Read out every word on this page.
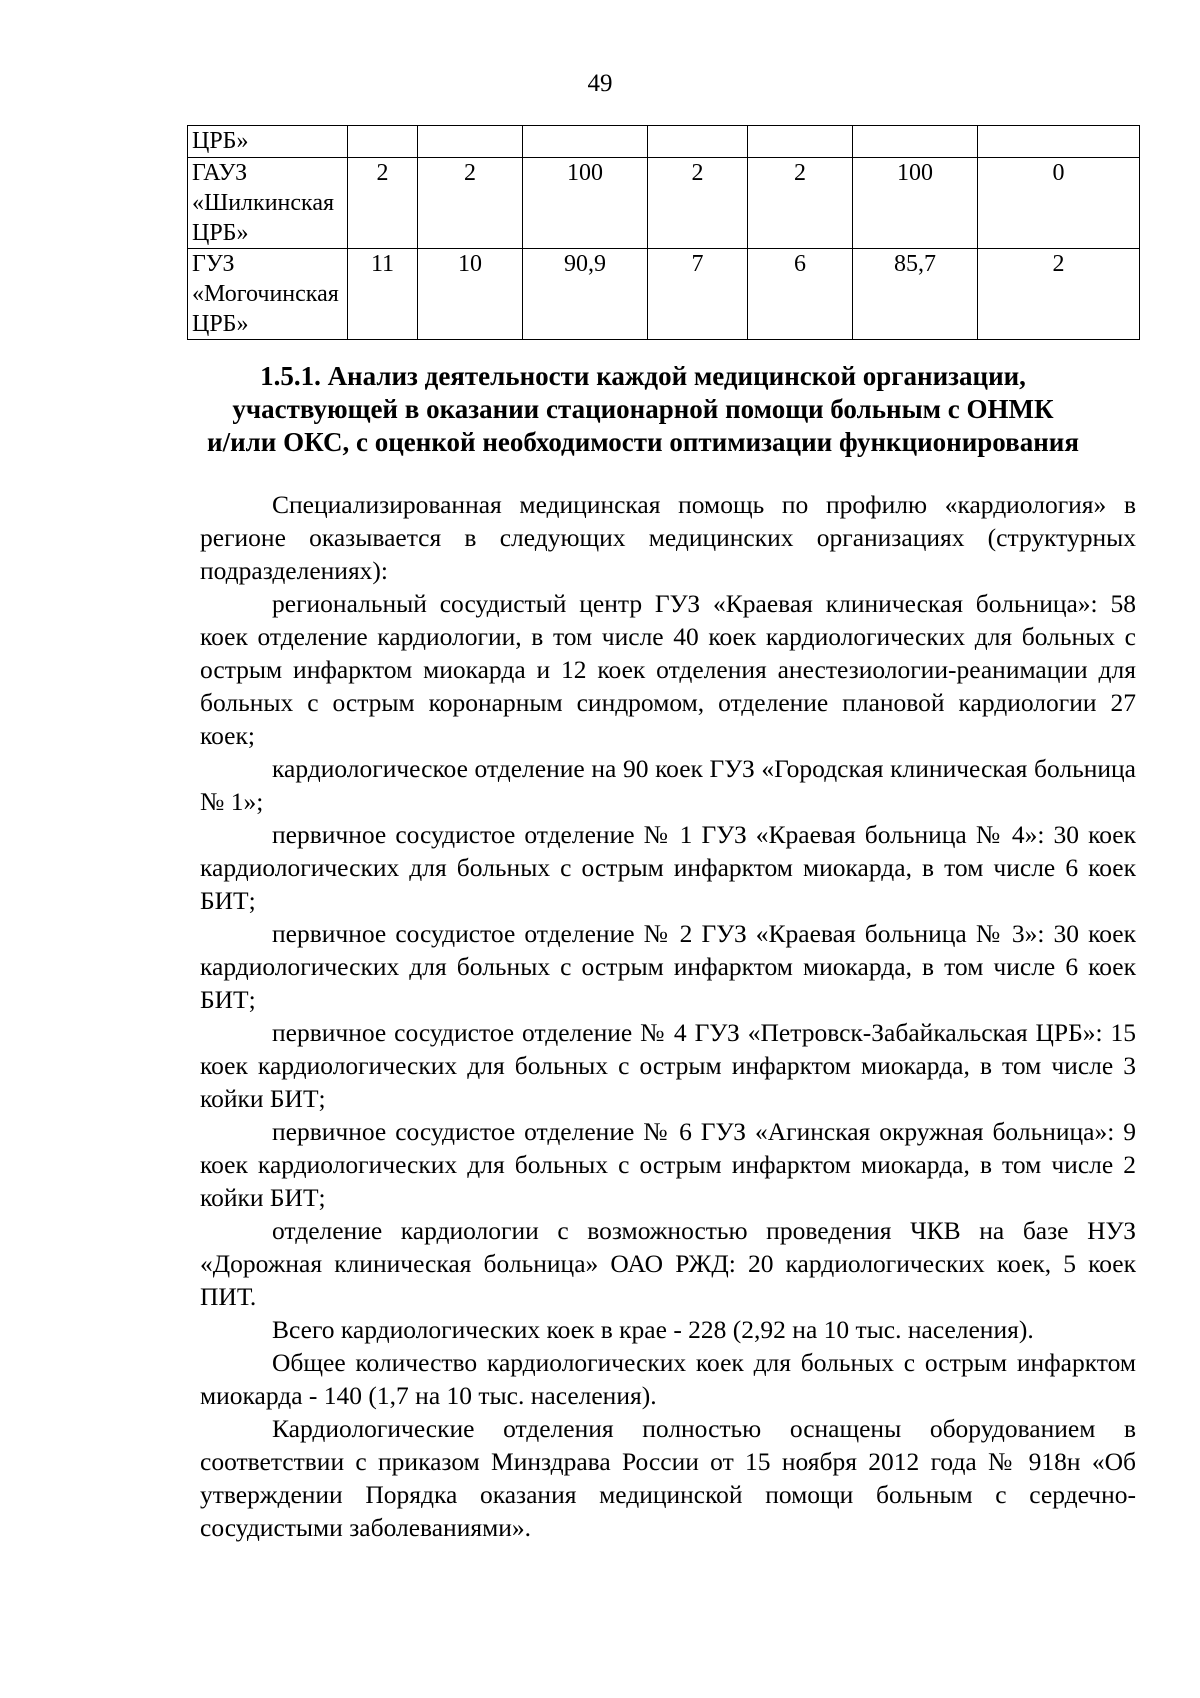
49
ЦРБ»							
ГАУЗ «Шилкинская ЦРБ»	2	2	100	2	2	100	0
ГУЗ «Могочинская ЦРБ»	11	10	90,9	7	6	85,7	2
1.5.1. Анализ деятельности каждой медицинской организации,
участвующей в оказании стационарной помощи больным с ОНМК
и/или ОКС, с оценкой необходимости оптимизации функционирования

Специализированная медицинская помощь по профилю «кардиология» в регионе оказывается в следующих медицинских организациях (структурных подразделениях):

региональный сосудистый центр ГУЗ «Краевая клиническая больница»: 58 коек отделение кардиологии, в том числе 40 коек кардиологических для больных с острым инфарктом миокарда и 12 коек отделения анестезиологии-реанимации для больных с острым коронарным синдромом, отделение плановой кардиологии 27 коек;

кардиологическое отделение на 90 коек ГУЗ «Городская клиническая больница № 1»;

первичное сосудистое отделение № 1 ГУЗ «Краевая больница № 4»: 30 коек кардиологических для больных с острым инфарктом миокарда, в том числе 6 коек БИТ;

первичное сосудистое отделение № 2 ГУЗ «Краевая больница № 3»: 30 коек кардиологических для больных с острым инфарктом миокарда, в том числе 6 коек БИТ;

первичное сосудистое отделение № 4 ГУЗ «Петровск-Забайкальская ЦРБ»: 15 коек кардиологических для больных с острым инфарктом миокарда, в том числе 3 койки БИТ;

первичное сосудистое отделение № 6 ГУЗ «Агинская окружная больница»: 9 коек кардиологических для больных с острым инфарктом миокарда, в том числе 2 койки БИТ;

отделение кардиологии с возможностью проведения ЧКВ на базе НУЗ «Дорожная клиническая больница» ОАО РЖД: 20 кардиологических коек, 5 коек ПИТ.

Всего кардиологических коек в крае - 228 (2,92 на 10 тыс. населения).

Общее количество кардиологических коек для больных с острым инфарктом миокарда - 140 (1,7 на 10 тыс. населения).

Кардиологические отделения полностью оснащены оборудованием в соответствии с приказом Минздрава России от 15 ноября 2012 года № 918н «Об утверждении Порядка оказания медицинской помощи больным с сердечно-сосудистыми заболеваниями».
